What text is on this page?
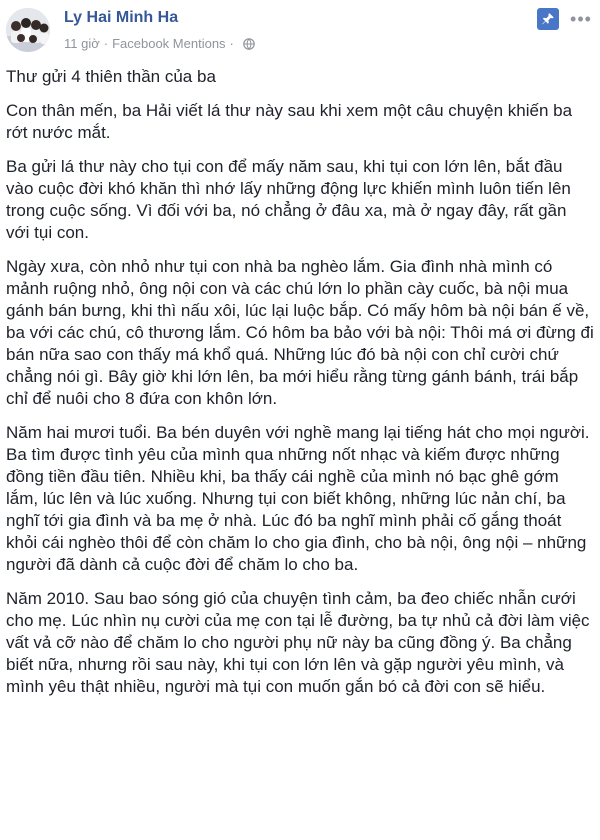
Ly Hai Minh Ha
11 giờ · Facebook Mentions ·
•••

Thư gửi 4 thiên thần của ba

Con thân mến, ba Hải viết lá thư này sau khi xem một câu chuyện khiến ba rớt nước mắt.

Ba gửi lá thư này cho tụi con để mấy năm sau, khi tụi con lớn lên, bắt đầu vào cuộc đời khó khăn thì nhớ lấy những động lực khiến mình luôn tiến lên trong cuộc sống. Vì đối với ba, nó chẳng ở đâu xa, mà ở ngay đây, rất gần với tụi con.

Ngày xưa, còn nhỏ như tụi con nhà ba nghèo lắm. Gia đình nhà mình có mảnh ruộng nhỏ, ông nội con và các chú lớn lo phần cày cuốc, bà nội mua gánh bán bưng, khi thì nấu xôi, lúc lại luộc bắp. Có mấy hôm bà nội bán ế về, ba với các chú, cô thương lắm. Có hôm ba bảo với bà nội: Thôi má ơi đừng đi bán nữa sao con thấy má khổ quá. Những lúc đó bà nội con chỉ cười chứ chẳng nói gì. Bây giờ khi lớn lên, ba mới hiểu rằng từng gánh bánh, trái bắp chỉ để nuôi cho 8 đứa con khôn lớn.

Năm hai mươi tuổi. Ba bén duyên với nghề mang lại tiếng hát cho mọi người. Ba tìm được tình yêu của mình qua những nốt nhạc và kiếm được những đồng tiền đầu tiên. Nhiều khi, ba thấy cái nghề của mình nó bạc ghê gớm lắm, lúc lên và lúc xuống. Nhưng tụi con biết không, những lúc nản chí, ba nghĩ tới gia đình và ba mẹ ở nhà. Lúc đó ba nghĩ mình phải cố gắng thoát khỏi cái nghèo thôi để còn chăm lo cho gia đình, cho bà nội, ông nội – những người đã dành cả cuộc đời để chăm lo cho ba.

Năm 2010. Sau bao sóng gió của chuyện tình cảm, ba đeo chiếc nhẫn cưới cho mẹ. Lúc nhìn nụ cười của mẹ con tại lễ đường, ba tự nhủ cả đời làm việc vất vả cỡ nào để chăm lo cho người phụ nữ này ba cũng đồng ý. Ba chẳng biết nữa, nhưng rồi sau này, khi tụi con lớn lên và gặp người yêu mình, và mình yêu thật nhiều, người mà tụi con muốn gắn bó cả đời con sẽ hiểu.
